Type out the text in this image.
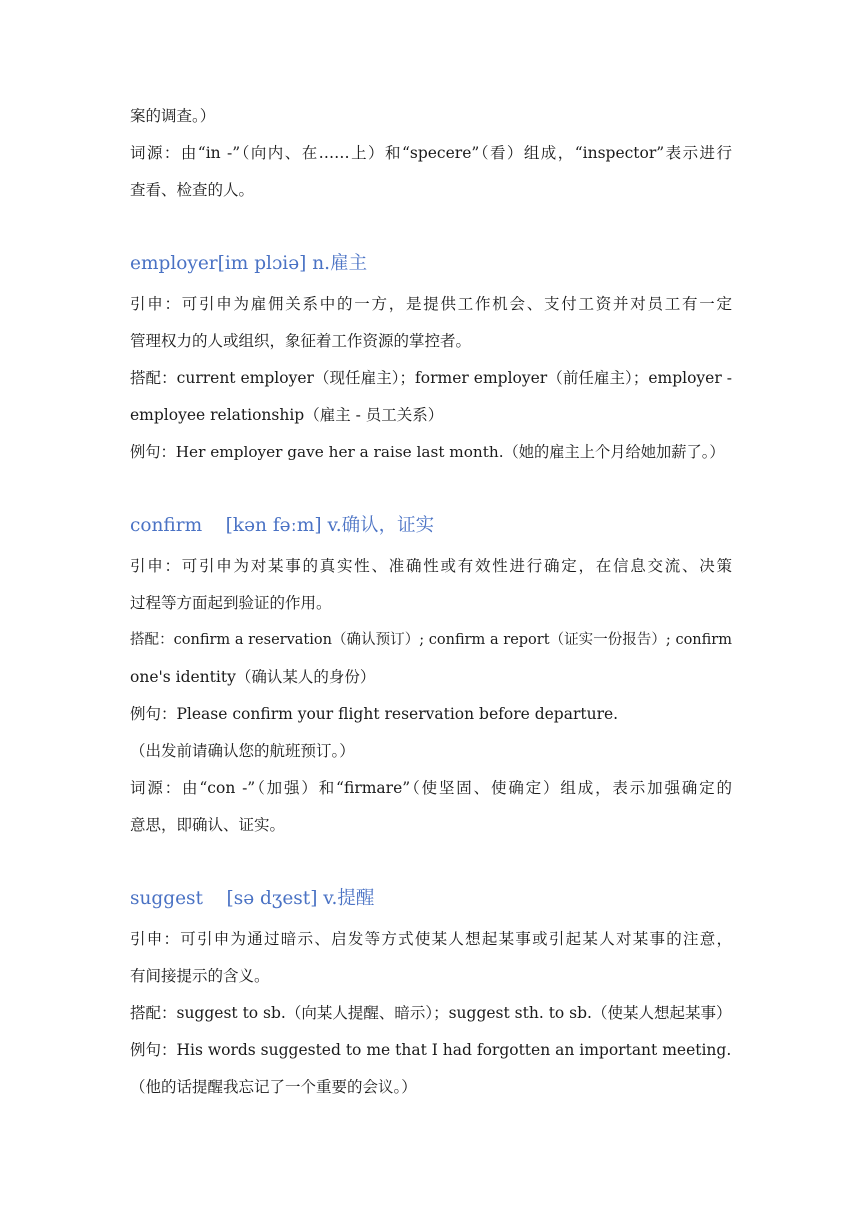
案的调查。）
词源：由“in -”（向内、在……上）和“specere”（看）组成，“inspector”表示进行
查看、检查的人。
employer[im plɔiə] n.雇主
引申：可引申为雇佣关系中的一方，是提供工作机会、支付工资并对员工有一定
管理权力的人或组织，象征着工作资源的掌控者。
搭配：current employer（现任雇主）；former employer（前任雇主）；employer -
employee relationship（雇主 - 员工关系）
例句：Her employer gave her a raise last month.（她的雇主上个月给她加薪了。）
confirm    [kən fəːm] v.确认，证实
引申：可引申为对某事的真实性、准确性或有效性进行确定，在信息交流、决策
过程等方面起到验证的作用。
搭配：confirm a reservation（确认预订）; confirm a report（证实一份报告）; confirm
one's identity（确认某人的身份）
例句：Please confirm your flight reservation before departure.
（出发前请确认您的航班预订。）
词源：由“con -”（加强）和“firmare”（使坚固、使确定）组成，表示加强确定的
意思，即确认、证实。
suggest    [sə dʒest] v.提醒
引申：可引申为通过暗示、启发等方式使某人想起某事或引起某人对某事的注意，
有间接提示的含义。
搭配：suggest to sb.（向某人提醒、暗示）；suggest sth. to sb.（使某人想起某事）
例句：His words suggested to me that I had forgotten an important meeting.
（他的话提醒我忘记了一个重要的会议。）
